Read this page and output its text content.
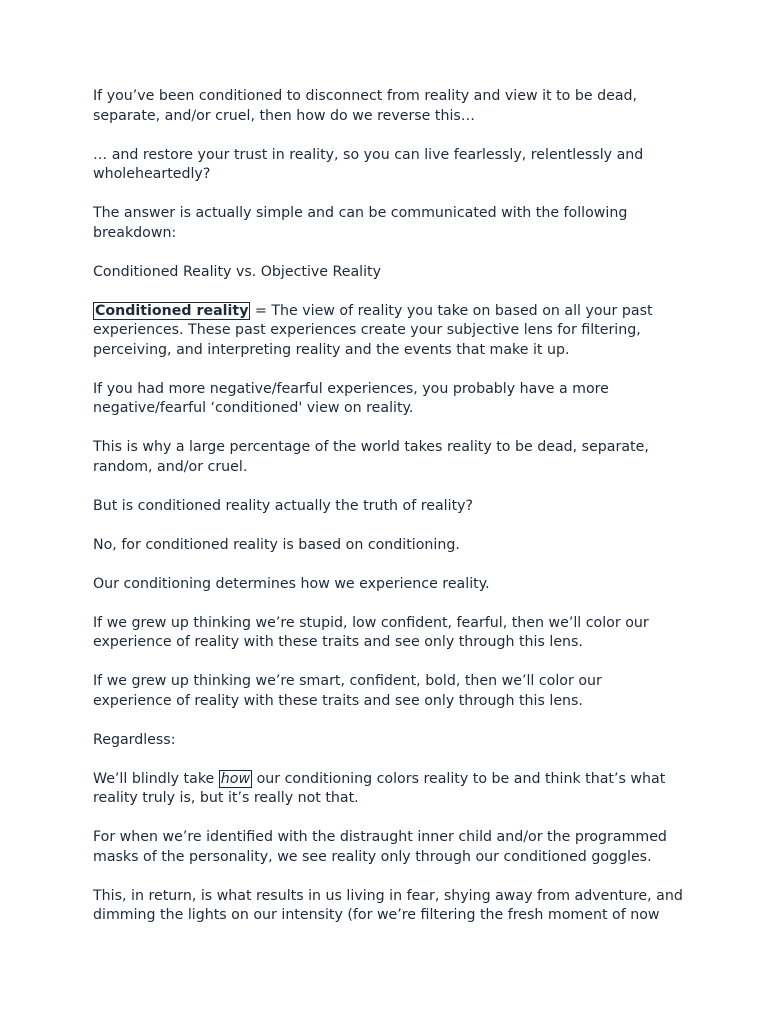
If you’ve been conditioned to disconnect from reality and view it to be dead, separate, and/or cruel, then how do we reverse this…

… and restore your trust in reality, so you can live fearlessly, relentlessly and wholeheartedly?

The answer is actually simple and can be communicated with the following breakdown:

Conditioned Reality vs. Objective Reality

Conditioned reality = The view of reality you take on based on all your past experiences. These past experiences create your subjective lens for filtering, perceiving, and interpreting reality and the events that make it up.

If you had more negative/fearful experiences, you probably have a more negative/fearful ‘conditioned' view on reality.

This is why a large percentage of the world takes reality to be dead, separate, random, and/or cruel.

But is conditioned reality actually the truth of reality?

No, for conditioned reality is based on conditioning.

Our conditioning determines how we experience reality.

If we grew up thinking we’re stupid, low confident, fearful, then we’ll color our experience of reality with these traits and see only through this lens.

If we grew up thinking we’re smart, confident, bold, then we’ll color our experience of reality with these traits and see only through this lens.

Regardless:

We’ll blindly take how our conditioning colors reality to be and think that’s what reality truly is, but it’s really not that.

For when we’re identified with the distraught inner child and/or the programmed masks of the personality, we see reality only through our conditioned goggles.

This, in return, is what results in us living in fear, shying away from adventure, and dimming the lights on our intensity (for we’re filtering the fresh moment of now
